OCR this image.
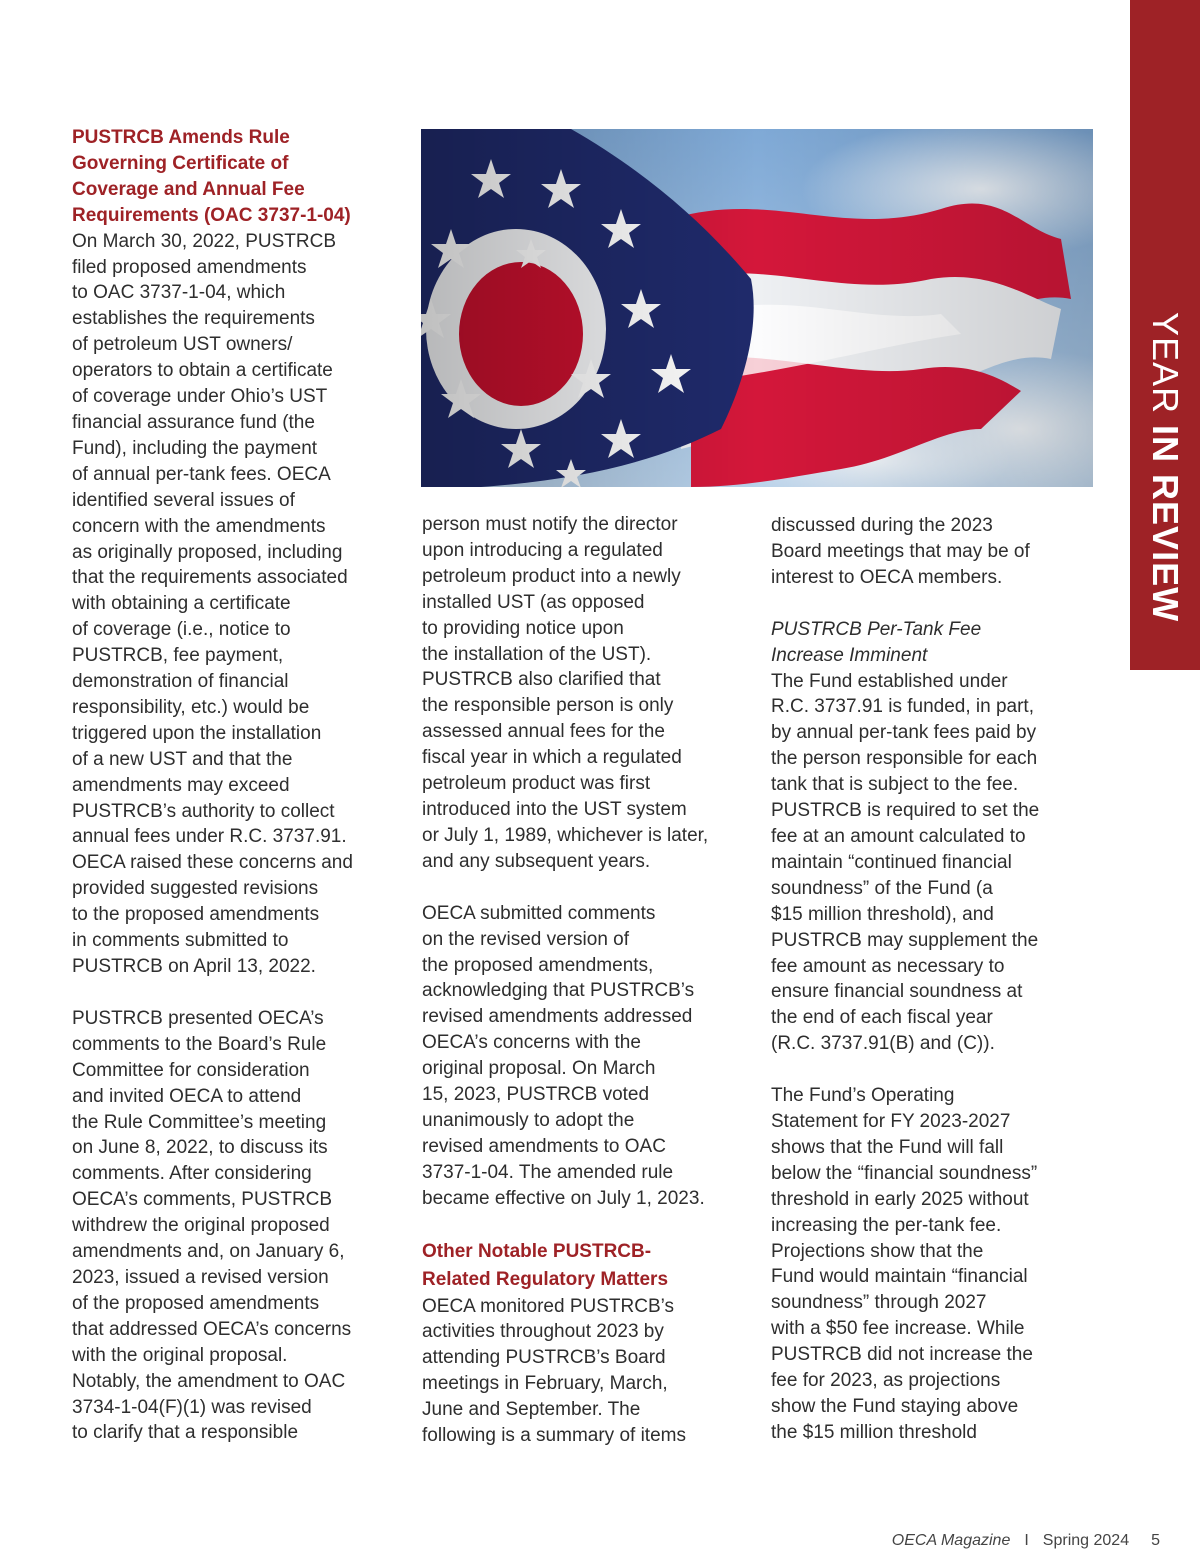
YEAR IN REVIEW

PUSTRCB Amends Rule
Governing Certificate of
Coverage and Annual Fee
Requirements (OAC 3737-1-04)

On March 30, 2022, PUSTRCB
filed proposed amendments
to OAC 3737-1-04, which
establishes the requirements
of petroleum UST owners/
operators to obtain a certificate
of coverage under Ohio’s UST
financial assurance fund (the
Fund), including the payment
of annual per-tank fees. OECA
identified several issues of
concern with the amendments
as originally proposed, including
that the requirements associated
with obtaining a certificate
of coverage (i.e., notice to
PUSTRCB, fee payment,
demonstration of financial
responsibility, etc.) would be
triggered upon the installation
of a new UST and that the
amendments may exceed
PUSTRCB’s authority to collect
annual fees under R.C. 3737.91.
OECA raised these concerns and
provided suggested revisions
to the proposed amendments
in comments submitted to
PUSTRCB on April 13, 2022.

PUSTRCB presented OECA’s
comments to the Board’s Rule
Committee for consideration
and invited OECA to attend
the Rule Committee’s meeting
on June 8, 2022, to discuss its
comments. After considering
OECA’s comments, PUSTRCB
withdrew the original proposed
amendments and, on January 6,
2023, issued a revised version
of the proposed amendments
that addressed OECA’s concerns
with the original proposal.
Notably, the amendment to OAC
3734-1-04(F)(1) was revised
to clarify that a responsible

person must notify the director
upon introducing a regulated
petroleum product into a newly
installed UST (as opposed
to providing notice upon
the installation of the UST).
PUSTRCB also clarified that
the responsible person is only
assessed annual fees for the
fiscal year in which a regulated
petroleum product was first
introduced into the UST system
or July 1, 1989, whichever is later,
and any subsequent years.

OECA submitted comments
on the revised version of
the proposed amendments,
acknowledging that PUSTRCB’s
revised amendments addressed
OECA’s concerns with the
original proposal. On March
15, 2023, PUSTRCB voted
unanimously to adopt the
revised amendments to OAC
3737-1-04. The amended rule
became effective on July 1, 2023.

Other Notable PUSTRCB-
Related Regulatory Matters

OECA monitored PUSTRCB’s
activities throughout 2023 by
attending PUSTRCB’s Board
meetings in February, March,
June and September. The
following is a summary of items

discussed during the 2023
Board meetings that may be of
interest to OECA members.

PUSTRCB Per-Tank Fee
Increase Imminent

The Fund established under
R.C. 3737.91 is funded, in part,
by annual per-tank fees paid by
the person responsible for each
tank that is subject to the fee.
PUSTRCB is required to set the
fee at an amount calculated to
maintain “continued financial
soundness” of the Fund (a
$15 million threshold), and
PUSTRCB may supplement the
fee amount as necessary to
ensure financial soundness at
the end of each fiscal year
(R.C. 3737.91(B) and (C)).

The Fund’s Operating
Statement for FY 2023-2027
shows that the Fund will fall
below the “financial soundness”
threshold in early 2025 without
increasing the per-tank fee.
Projections show that the
Fund would maintain “financial
soundness” through 2027
with a $50 fee increase. While
PUSTRCB did not increase the
fee for 2023, as projections
show the Fund staying above
the $15 million threshold

OECA Magazine I Spring 2024 5
